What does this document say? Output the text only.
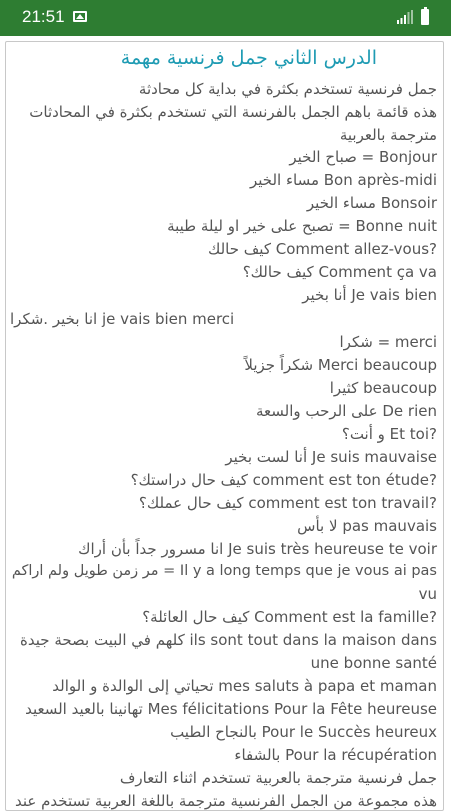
21:51
الدرس الثاني جمل فرنسية مهمة
جمل فرنسية تستخدم بكثرة في بداية كل محادثة
هذه قائمة باهم الجمل بالفرنسة التي تستخدم بكثرة في المحادثات
مترجمة بالعربية
صباح الخير = Bonjour
مساء الخير Bon après-midi
مساء الخير Bonsoir
تصبح على خير او ليلة طيبة = Bonne nuit
كيف حالك Comment allez-vous?
كيف حالك؟ Comment ça va
أنا بخير Je vais bien
انا بخير .شكرا je vais bien merci
شكرا = merci
شكراً جزيلاً Merci beaucoup
كثيرا beaucoup
على الرحب والسعة De rien
و أنت؟ Et toi?
أنا لست بخير Je suis mauvaise
كيف حال دراستك؟ comment est ton étude?
كيف حال عملك؟ comment est ton travail?
لا بأس pas mauvais
انا مسرور جداً بأن أراك Je suis très heureuse te voir
مر زمن طويل ولم اراكم = Il y a long temps que je vous ai pas
vu
كيف حال العائلة؟ Comment est la famille?
كلهم في البيت بصحة جيدة ils sont tout dans la maison dans
une bonne santé
تحياتي إلى الوالدة و الوالد mes saluts à papa et maman
تهانينا بالعيد السعيد Mes félicitations Pour la Fête heureuse
بالنجاح الطيب Pour le Succès heureux
بالشفاء Pour la récupération
جمل فرنسية مترجمة بالعربية تستخدم اثناء التعارف
هذه مجموعة من الجمل الفرنسية مترجمة باللغة العربية تستخدم عند
